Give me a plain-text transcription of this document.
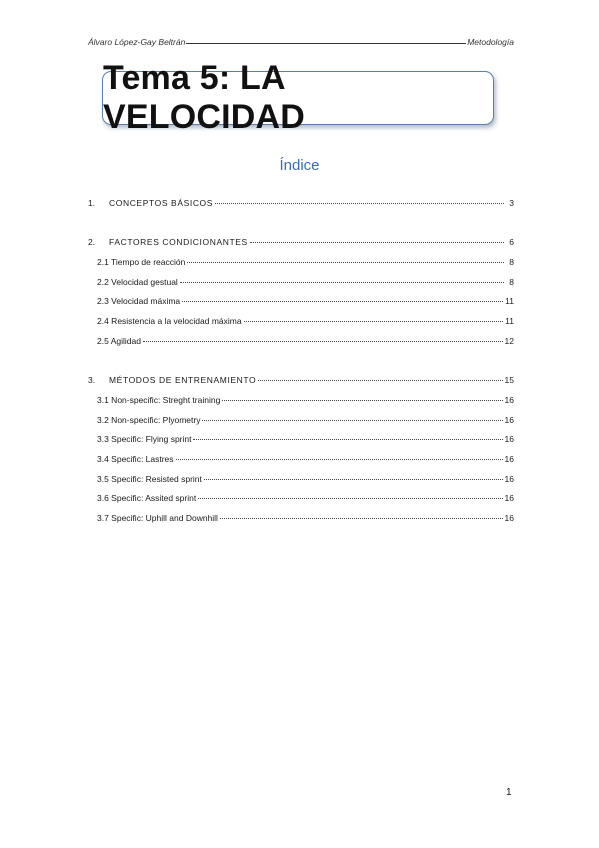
Álvaro López-Gay Beltrán	Metodología
Tema 5: LA VELOCIDAD
Índice
1.	CONCEPTOS BÁSICOS	3
2.	FACTORES CONDICIONANTES	6
2.1 Tiempo de reacción	8
2.2 Velocidad gestual	8
2.3 Velocidad máxima	11
2.4 Resistencia a la velocidad máxima	11
2.5 Agilidad	12
3.	MÉTODOS DE ENTRENAMIENTO	15
3.1 Non-specific: Streght training	16
3.2 Non-specific: Plyometry	16
3.3 Specific: Flying sprint	16
3.4 Specific: Lastres	16
3.5 Specific: Resisted sprint	16
3.6 Specific: Assited sprint	16
3.7 Specific: Uphill and Downhill	16
1
